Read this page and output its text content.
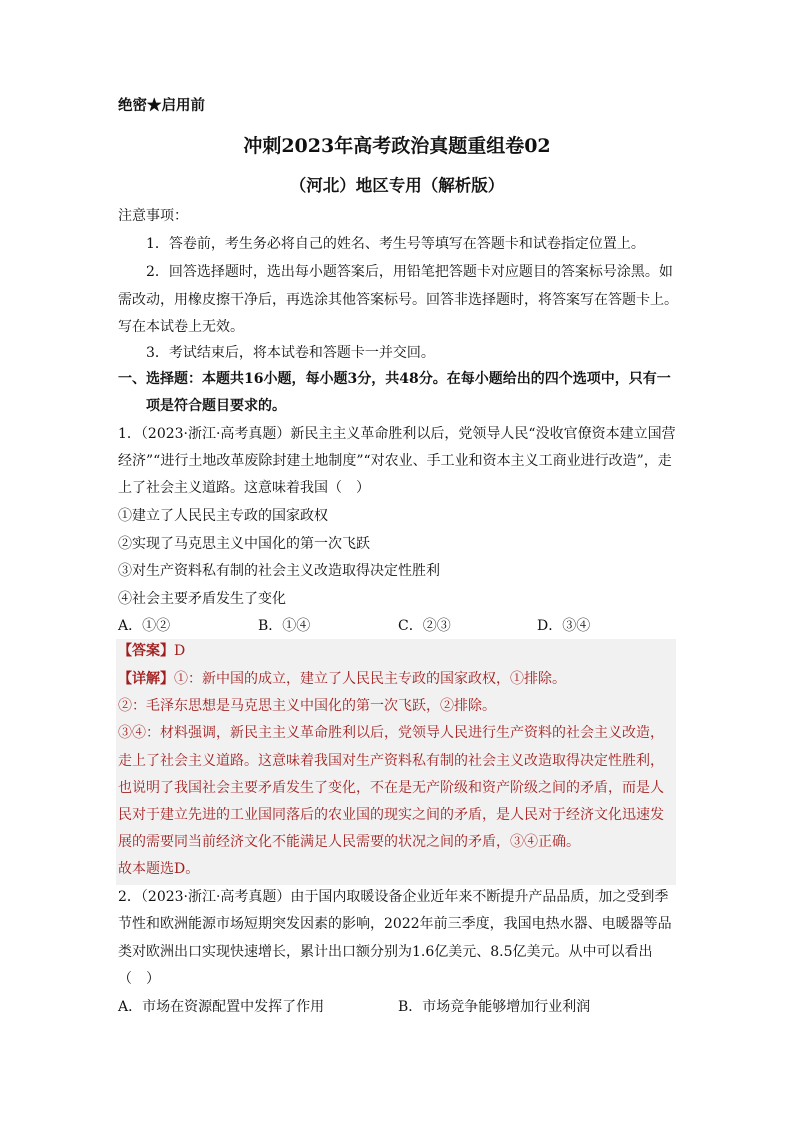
绝密★启用前
冲刺2023年高考政治真题重组卷02
（河北）地区专用（解析版）
注意事项：
1．答卷前，考生务必将自己的姓名、考生号等填写在答题卡和试卷指定位置上。
2．回答选择题时，选出每小题答案后，用铅笔把答题卡对应题目的答案标号涂黑。如
需改动，用橡皮擦干净后，再选涂其他答案标号。回答非选择题时，将答案写在答题卡上。
写在本试卷上无效。
3．考试结束后，将本试卷和答题卡一并交回。
一、选择题：本题共16小题，每小题3分，共48分。在每小题给出的四个选项中，只有一
项是符合题目要求的。
1．（2023·浙江·高考真题）新民主主义革命胜利以后，党领导人民“没收官僚资本建立国营
经济”“进行土地改革废除封建土地制度”“对农业、手工业和资本主义工商业进行改造”，走
上了社会主义道路。这意味着我国（　）
①建立了人民民主专政的国家政权
②实现了马克思主义中国化的第一次飞跃
③对生产资料私有制的社会主义改造取得决定性胜利
④社会主要矛盾发生了变化
A．①②	B．①④	C．②③	D．③④
【答案】D
【详解】①：新中国的成立，建立了人民民主专政的国家政权，①排除。
②：毛泽东思想是马克思主义中国化的第一次飞跃，②排除。
③④：材料强调，新民主主义革命胜利以后，党领导人民进行生产资料的社会主义改造，
走上了社会主义道路。这意味着我国对生产资料私有制的社会主义改造取得决定性胜利，
也说明了我国社会主要矛盾发生了变化，不在是无产阶级和资产阶级之间的矛盾，而是人
民对于建立先进的工业国同落后的农业国的现实之间的矛盾，是人民对于经济文化迅速发
展的需要同当前经济文化不能满足人民需要的状况之间的矛盾，③④正确。
故本题选D。
2．（2023·浙江·高考真题）由于国内取暖设备企业近年来不断提升产品品质，加之受到季
节性和欧洲能源市场短期突发因素的影响，2022年前三季度，我国电热水器、电暖器等品
类对欧洲出口实现快速增长，累计出口额分别为1.6亿美元、8.5亿美元。从中可以看出
（　）
A．市场在资源配置中发挥了作用	B．市场竞争能够增加行业利润
